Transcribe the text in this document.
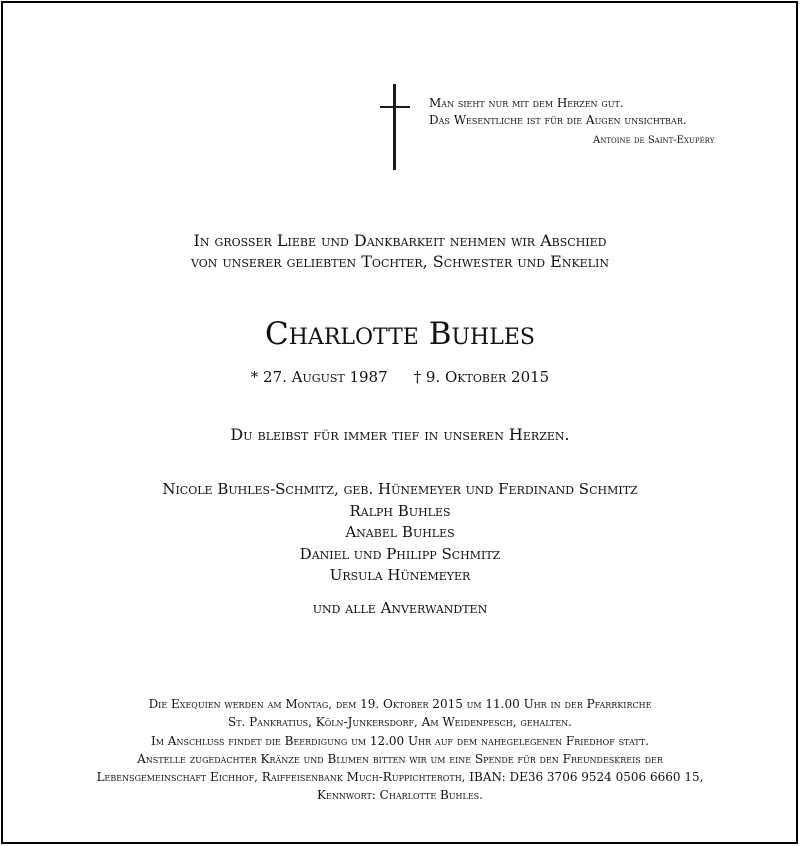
Man sieht nur mit dem Herzen gut.
Das Wesentliche ist für die Augen unsichtbar.
Antoine de Saint-Exupéry
In großer Liebe und Dankbarkeit nehmen wir Abschied
von unserer geliebten Tochter, Schwester und Enkelin
Charlotte Buhles
* 27. August 1987 † 9. Oktober 2015
Du bleibst für immer tief in unseren Herzen.
Nicole Buhles-Schmitz, geb. Hünemeyer und Ferdinand Schmitz
Ralph Buhles
Anabel Buhles
Daniel und Philipp Schmitz
Ursula Hünemeyer
und alle Anverwandten
Die Exequien werden am Montag, dem 19. Oktober 2015 um 11.00 Uhr in der Pfarrkirche
St. Pankratius, Köln-Junkersdorf, Am Weidenpesch, gehalten.
Im Anschluss findet die Beerdigung um 12.00 Uhr auf dem nahegelegenen Friedhof statt.
Anstelle zugedachter Kränze und Blumen bitten wir um eine Spende für den Freundeskreis der
Lebensgemeinschaft Eichhof, Raiffeisenbank Much-Ruppichteroth, IBAN: DE36 3706 9524 0506 6660 15,
Kennwort: Charlotte Buhles.
